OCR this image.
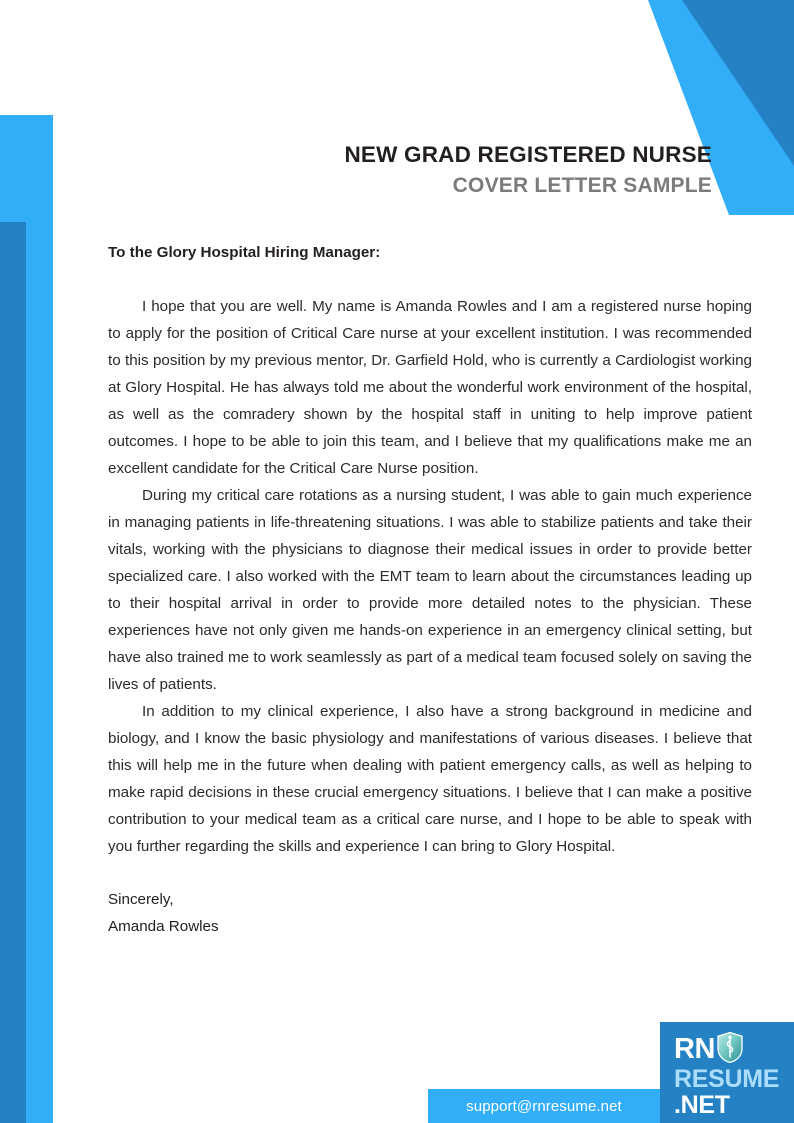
NEW GRAD REGISTERED NURSE
COVER LETTER SAMPLE
To the Glory Hospital Hiring Manager:

I hope that you are well. My name is Amanda Rowles and I am a registered nurse hoping to apply for the position of Critical Care nurse at your excellent institution. I was recommended to this position by my previous mentor, Dr. Garfield Hold, who is currently a Cardiologist working at Glory Hospital. He has always told me about the wonderful work environment of the hospital, as well as the comradery shown by the hospital staff in uniting to help improve patient outcomes. I hope to be able to join this team, and I believe that my qualifications make me an excellent candidate for the Critical Care Nurse position.

During my critical care rotations as a nursing student, I was able to gain much experience in managing patients in life-threatening situations. I was able to stabilize patients and take their vitals, working with the physicians to diagnose their medical issues in order to provide better specialized care. I also worked with the EMT team to learn about the circumstances leading up to their hospital arrival in order to provide more detailed notes to the physician. These experiences have not only given me hands-on experience in an emergency clinical setting, but have also trained me to work seamlessly as part of a medical team focused solely on saving the lives of patients.

In addition to my clinical experience, I also have a strong background in medicine and biology, and I know the basic physiology and manifestations of various diseases. I believe that this will help me in the future when dealing with patient emergency calls, as well as helping to make rapid decisions in these crucial emergency situations. I believe that I can make a positive contribution to your medical team as a critical care nurse, and I hope to be able to speak with you further regarding the skills and experience I can bring to Glory Hospital.

Sincerely,
Amanda Rowles
support@rnresume.net
RN
RESUME
.NET
